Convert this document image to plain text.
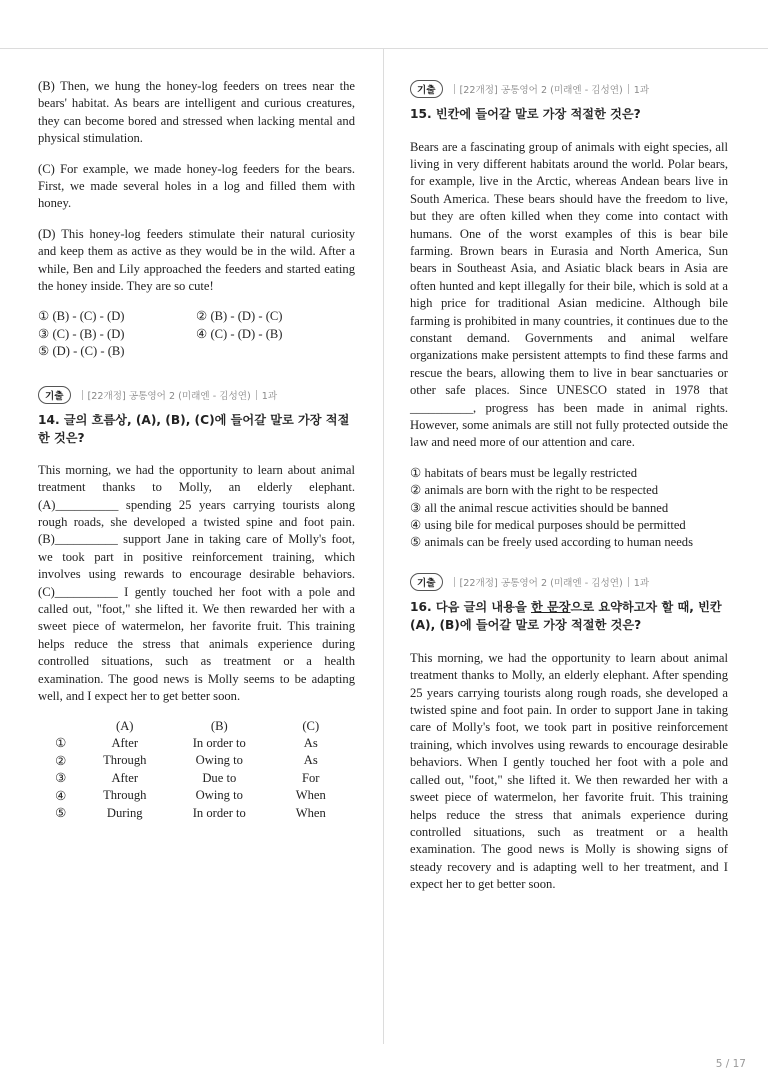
(B) Then, we hung the honey-log feeders on trees near the bears' habitat. As bears are intelligent and curious creatures, they can become bored and stressed when lacking mental and physical stimulation.

(C) For example, we made honey-log feeders for the bears. First, we made several holes in a log and filled them with honey.

(D) This honey-log feeders stimulate their natural curiosity and keep them as active as they would be in the wild. After a while, Ben and Lily approached the feeders and started eating the honey inside. They are so cute!

① (B) - (C) - (D)	② (B) - (D) - (C)
③ (C) - (B) - (D)	④ (C) - (D) - (B)
⑤ (D) - (C) - (B)
기출	[22개정] 공통영어 2 (미래엔 - 김성연) 1과

14. 글의 흐름상, (A), (B), (C)에 들어갈 말로 가장 적절한 것은?

This morning, we had the opportunity to learn about animal treatment thanks to Molly, an elderly elephant. (A)__________ spending 25 years carrying tourists along rough roads, she developed a twisted spine and foot pain. (B)__________ support Jane in taking care of Molly's foot, we took part in positive reinforcement training, which involves using rewards to encourage desirable behaviors. (C)__________ I gently touched her foot with a pole and called out, "foot," she lifted it. We then rewarded her with a sweet piece of watermelon, her favorite fruit. This training helps reduce the stress that animals experience during controlled situations, such as treatment or a health examination. The good news is Molly seems to be adapting well, and I expect her to get better soon.

	(A)	(B)	(C)
①	After	In order to	As
②	Through	Owing to	As
③	After	Due to	For
④	Through	Owing to	When
⑤	During	In order to	When
기출	[22개정] 공통영어 2 (미래엔 - 김성연) 1과

15. 빈칸에 들어갈 말로 가장 적절한 것은?

Bears are a fascinating group of animals with eight species, all living in very different habitats around the world. Polar bears, for example, live in the Arctic, whereas Andean bears live in South America. These bears should have the freedom to live, but they are often killed when they come into contact with humans. One of the worst examples of this is bear bile farming. Brown bears in Eurasia and North America, Sun bears in Southeast Asia, and Asiatic black bears in Asia are often hunted and kept illegally for their bile, which is sold at a high price for traditional Asian medicine. Although bile farming is prohibited in many countries, it continues due to the constant demand. Governments and animal welfare organizations make persistent attempts to find these farms and rescue the bears, allowing them to live in bear sanctuaries or other safe places. Since UNESCO stated in 1978 that __________, progress has been made in animal rights. However, some animals are still not fully protected outside the law and need more of our attention and care.

① habitats of bears must be legally restricted
② animals are born with the right to be respected
③ all the animal rescue activities should be banned
④ using bile for medical purposes should be permitted
⑤ animals can be freely used according to human needs
기출	[22개정] 공통영어 2 (미래엔 - 김성연) 1과

16. 다음 글의 내용을 한 문장으로 요약하고자 할 때, 빈칸 (A), (B)에 들어갈 말로 가장 적절한 것은?

This morning, we had the opportunity to learn about animal treatment thanks to Molly, an elderly elephant. After spending 25 years carrying tourists along rough roads, she developed a twisted spine and foot pain. In order to support Jane in taking care of Molly's foot, we took part in positive reinforcement training, which involves using rewards to encourage desirable behaviors. When I gently touched her foot with a pole and called out, "foot," she lifted it. We then rewarded her with a sweet piece of watermelon, her favorite fruit. This training helps reduce the stress that animals experience during controlled situations, such as treatment or a health examination. The good news is Molly is showing signs of steady recovery and is adapting well to her treatment, and I expect her to get better soon.

5 / 17
